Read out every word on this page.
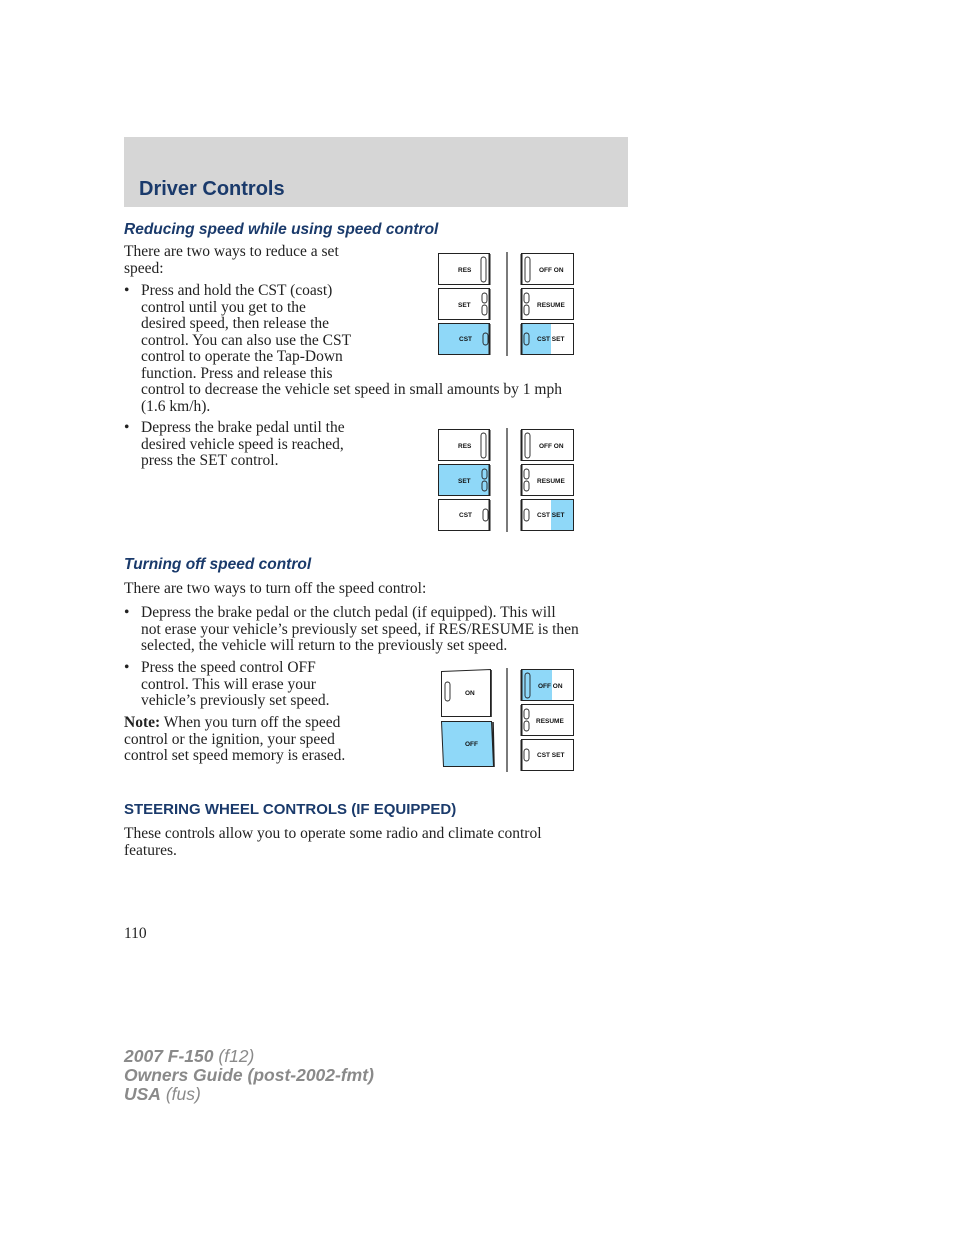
Driver Controls
Reducing speed while using speed control
There are two ways to reduce a set
speed:
• Press and hold the CST (coast)
control until you get to the
desired speed, then release the
control. You can also use the CST
control to operate the Tap-Down
function. Press and release this
control to decrease the vehicle set speed in small amounts by 1 mph
(1.6 km/h).
• Depress the brake pedal until the
desired vehicle speed is reached,
press the SET control.
RES
SET
CST
OFF ON
RESUME
CST SET
RES
SET
CST
OFF ON
RESUME
CST SET
Turning off speed control
There are two ways to turn off the speed control:
• Depress the brake pedal or the clutch pedal (if equipped). This will
not erase your vehicle’s previously set speed, if RES/RESUME is then
selected, the vehicle will return to the previously set speed.
• Press the speed control OFF
control. This will erase your
vehicle’s previously set speed.
Note: When you turn off the speed
control or the ignition, your speed
control set speed memory is erased.
ON
OFF
OFF ON
RESUME
CST SET
STEERING WHEEL CONTROLS (IF EQUIPPED)
These controls allow you to operate some radio and climate control
features.
110
2007 F-150 (f12)
Owners Guide (post-2002-fmt)
USA (fus)
